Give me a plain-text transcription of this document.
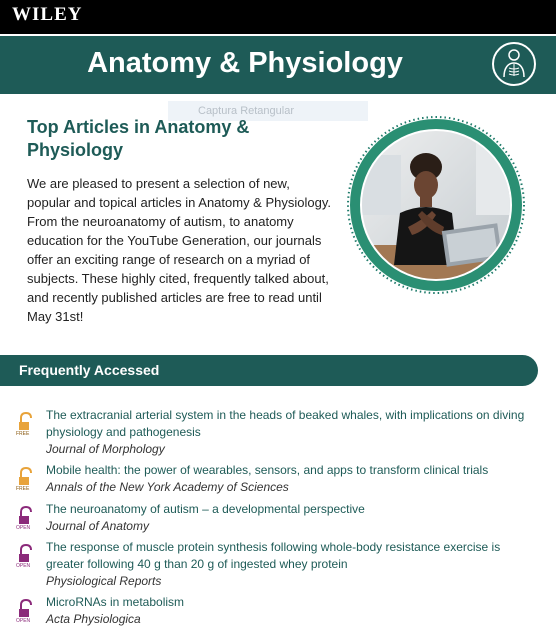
WILEY
Anatomy & Physiology
Captura Retangular
Top Articles in Anatomy & Physiology

We are pleased to present a selection of new, popular and topical articles in Anatomy & Physiology. From the neuroanatomy of autism, to anatomy education for the YouTube Generation, our journals offer an exciting range of research on a myriad of subjects. These highly cited, frequently talked about, and recently published articles are free to read until May 31st!

Frequently Accessed
FREE
The extracranial arterial system in the heads of beaked whales, with implications on diving physiology and pathogenesis
Journal of Morphology
FREE
Mobile health: the power of wearables, sensors, and apps to transform clinical trials
Annals of the New York Academy of Sciences
OPEN
The neuroanatomy of autism – a developmental perspective
Journal of Anatomy
OPEN
The response of muscle protein synthesis following whole-body resistance exercise is greater following 40 g than 20 g of ingested whey protein
Physiological Reports
OPEN
MicroRNAs in metabolism
Acta Physiologica
